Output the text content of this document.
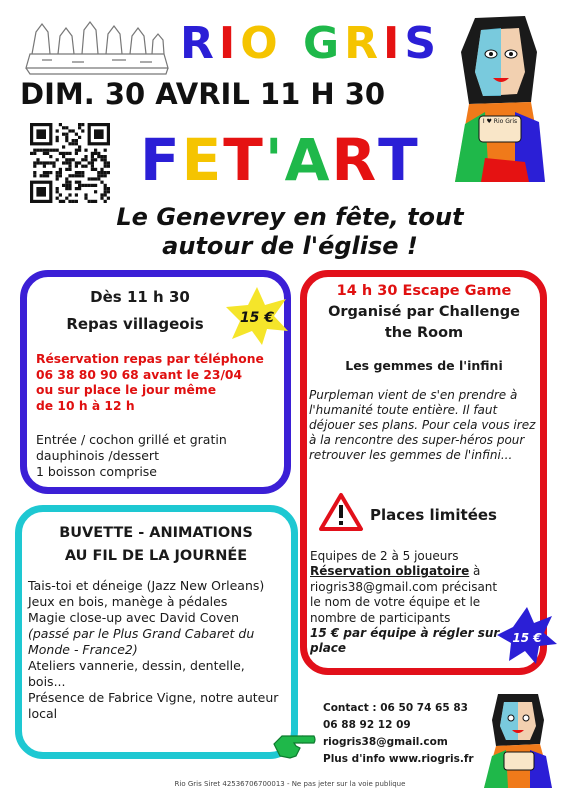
R I O
G R I S
DIM. 30 AVRIL 11 H 30
F E T ' A R T
I ♥ Rio Gris
Le Genevrey en fête, tout
autour de l'église !
Dès 11 h 30
Repas villageois	15 €
Réservation repas par téléphone
06 38 80 90 68 avant le 23/04
ou sur place le jour même
de 10 h à 12 h
Entrée / cochon grillé et gratin
dauphinois /dessert
1 boisson comprise
14 h 30 Escape Game
Organisé par Challenge
the Room
Les gemmes de l'infini
Purpleman vient de s'en prendre à l'humanité toute entière. Il faut déjouer ses plans. Pour cela vous irez à la rencontre des super-héros pour retrouver les gemmes de l'infini...
Places limitées
Equipes de 2 à 5 joueurs
Réservation obligatoire à
riogris38@gmail.com précisant le nom de votre équipe et le nombre de participants
15 € par équipe à régler sur place
15 €
BUVETTE - ANIMATIONS
AU FIL DE LA JOURNÉE
Tais-toi et déneige (Jazz New Orleans)
Jeux en bois, manège à pédales
Magie close-up avec David Coven
(passé par le Plus Grand Cabaret du Monde - France2)
Ateliers vannerie, dessin, dentelle, bois...
Présence de Fabrice Vigne, notre auteur local	Contact : 06 50 74 65 83
06 88 92 12 09
riogris38@gmail.com
Plus d'info www.riogris.fr
Rio Gris Siret 42536706700013 - Ne pas jeter sur la voie publique
